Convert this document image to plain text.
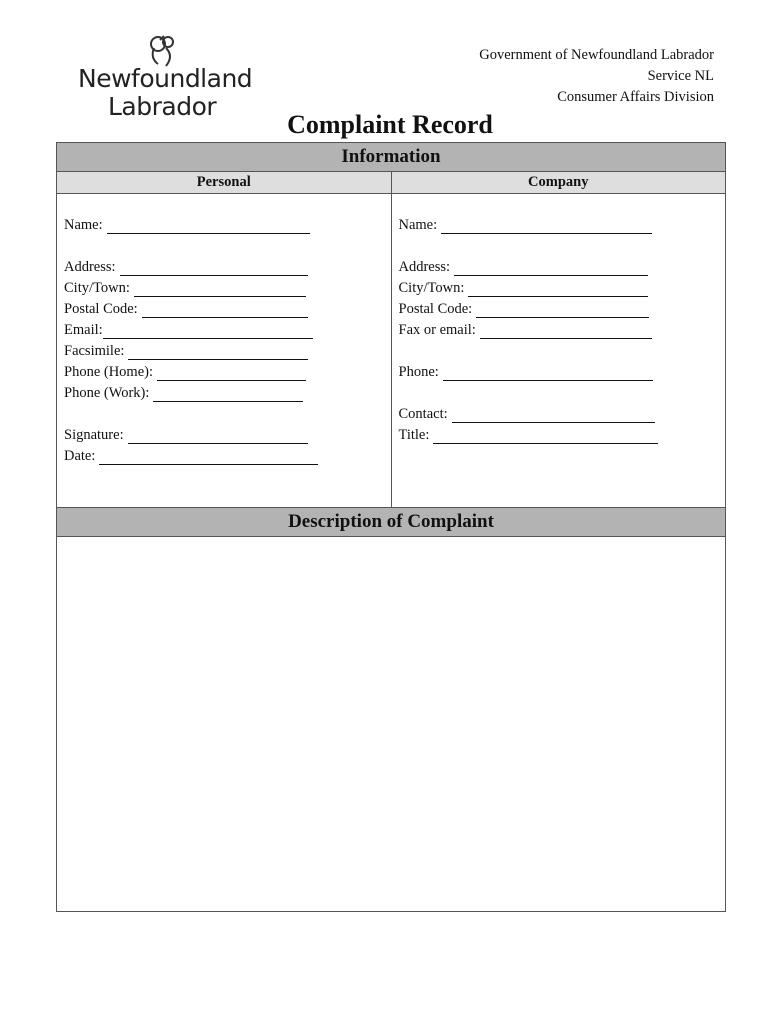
Newfoundland
Labrador
Government of Newfoundland Labrador
Service NL
Consumer Affairs Division
Complaint Record
Information
Personal	Company
Name:
Address:
City/Town:
Postal Code:
Email:
Facsimile:
Phone (Home):
Phone (Work):
Signature:
Date:
Name:
Address:
City/Town:
Postal Code:
Fax or email:
Phone:
Contact:
Title:
Description of Complaint
